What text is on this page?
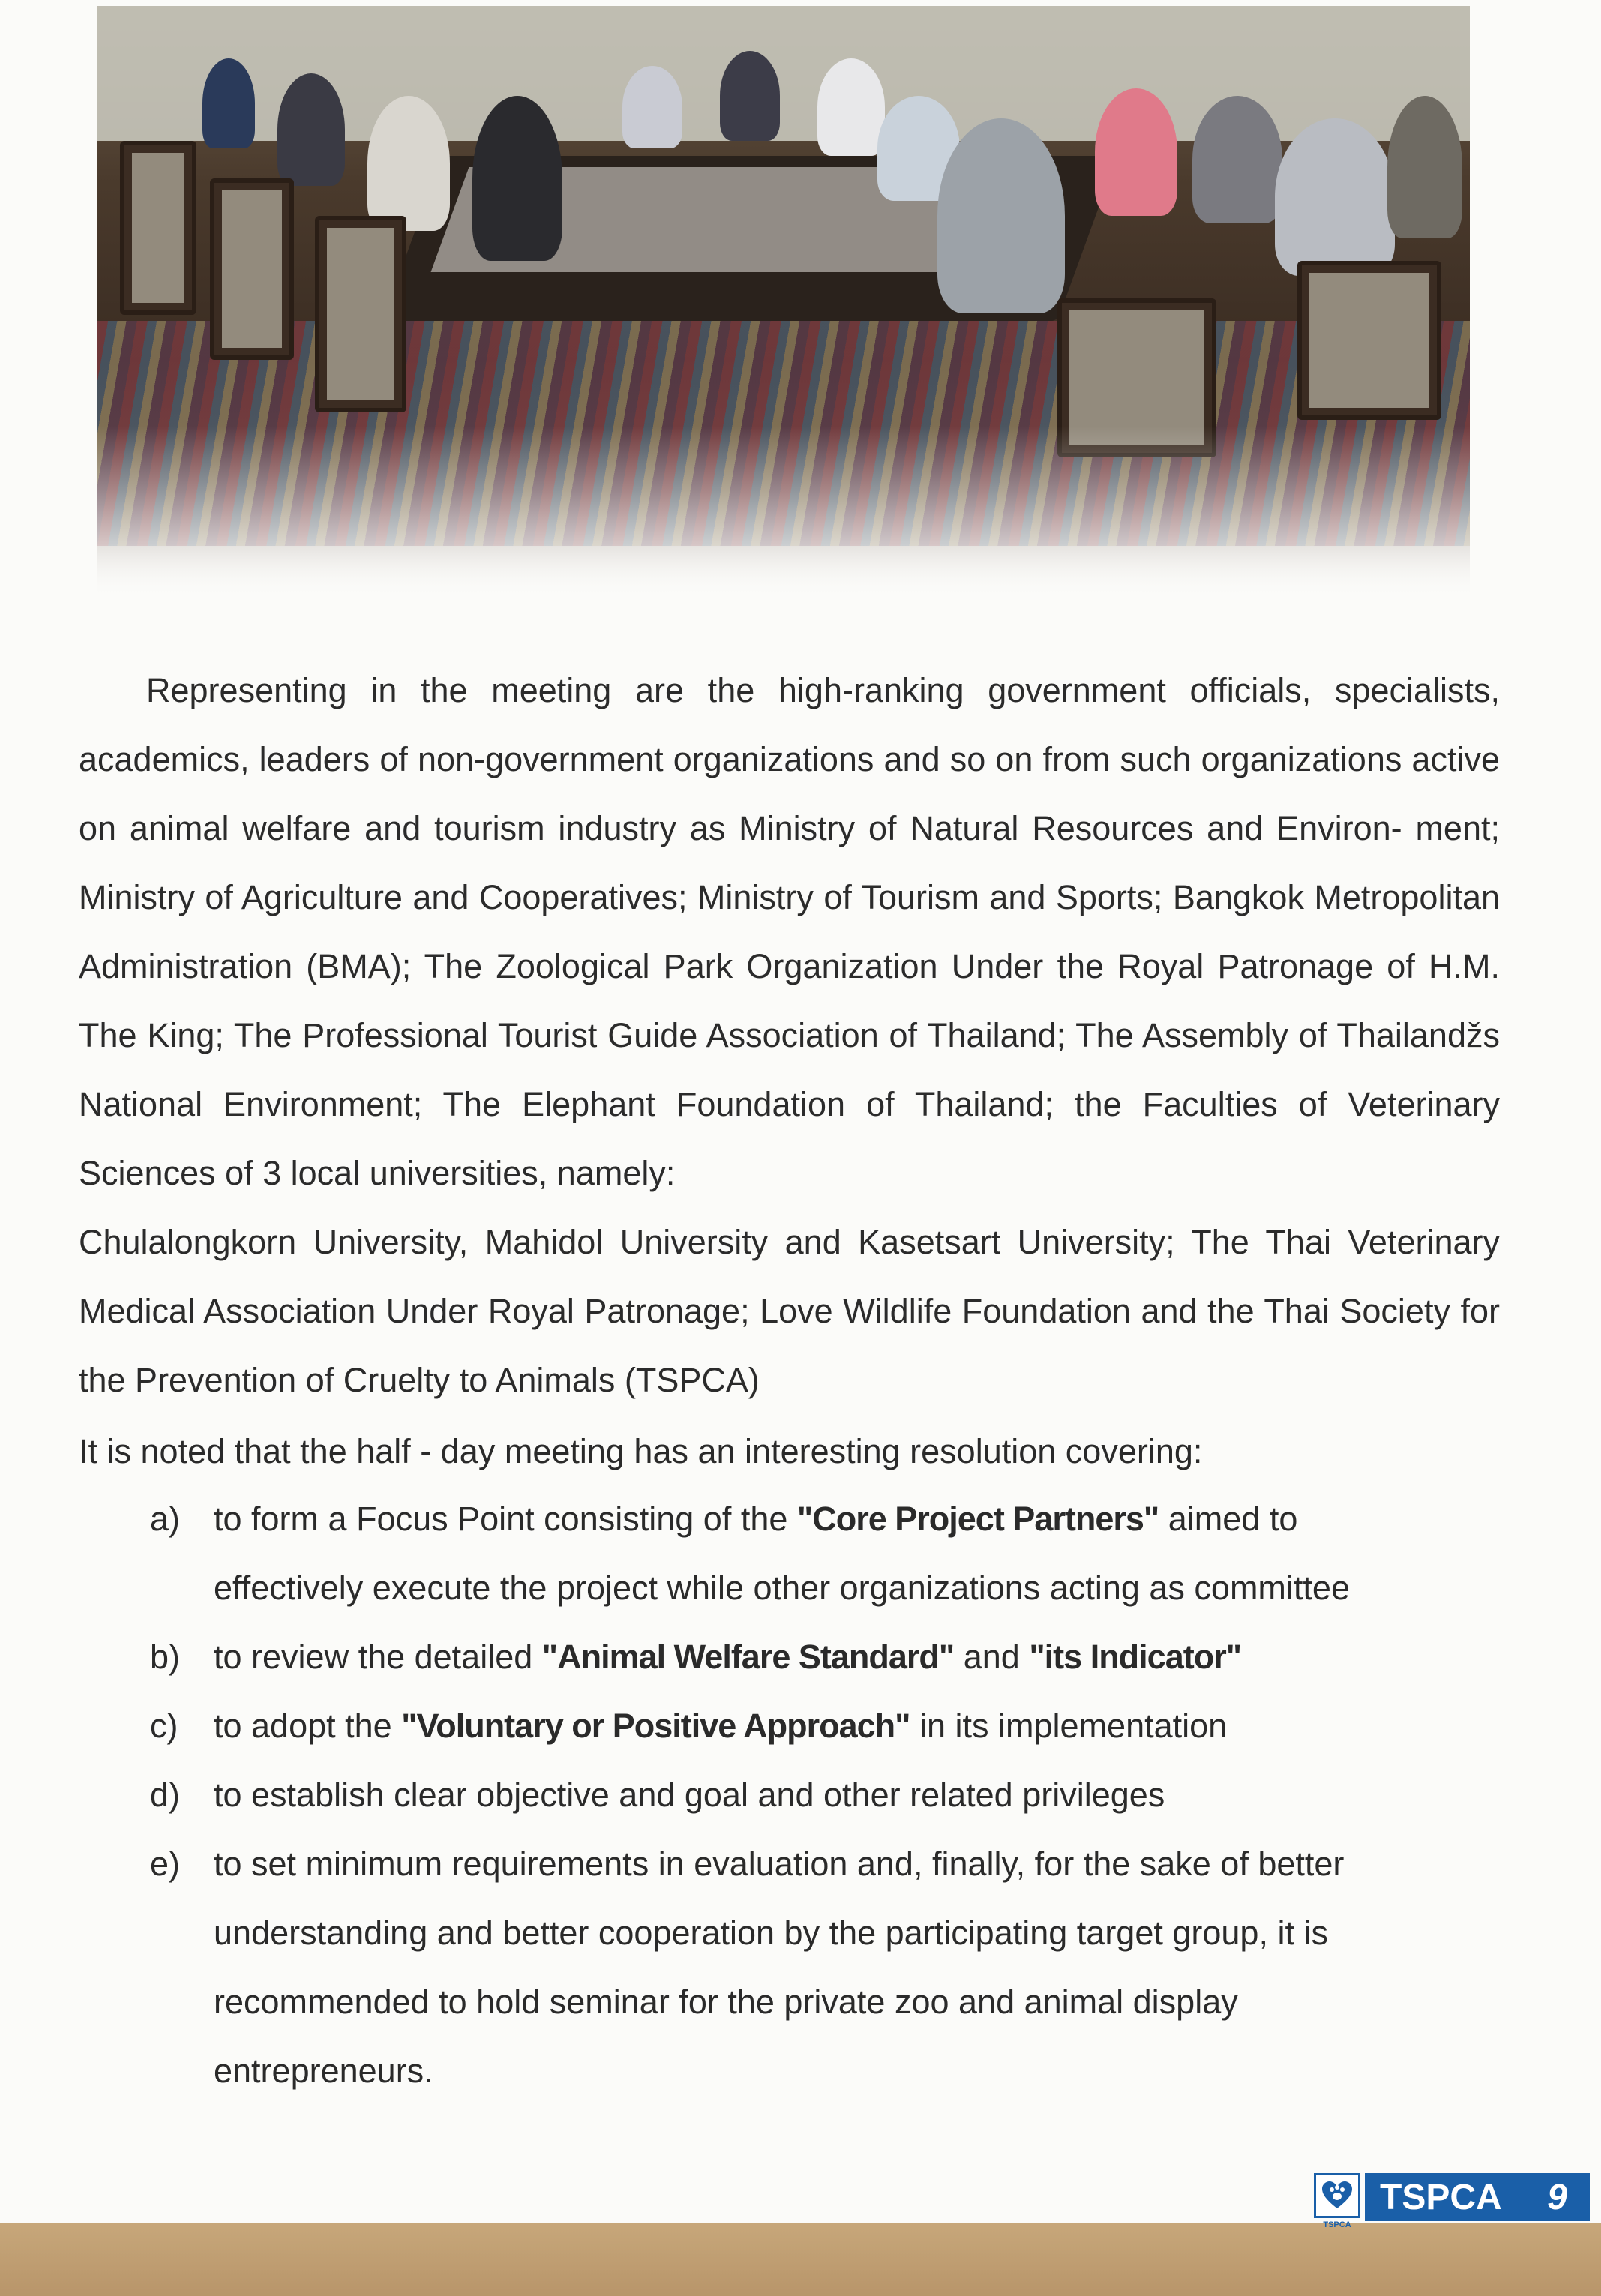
Representing in the meeting are the high-ranking government officials, specialists, academics, leaders of non-government organizations and so on from such organizations active on animal welfare and tourism industry as Ministry of Natural Resources and Environ- ment; Ministry of Agriculture and Cooperatives; Ministry of Tourism and Sports; Bangkok Metropolitan Administration (BMA); The Zoological Park Organization Under the Royal Patronage of H.M. The King; The Professional Tourist Guide Association of Thailand; The Assembly of Thailandžs National Environment; The Elephant Foundation of Thailand; the Faculties of Veterinary Sciences of 3 local universities, namely:
Chulalongkorn University, Mahidol University and Kasetsart University; The Thai Veterinary Medical Association Under Royal Patronage; Love Wildlife Foundation and the Thai Society for the Prevention of Cruelty to Animals (TSPCA)
It is noted that the half - day meeting has an interesting resolution covering:
a) to form a Focus Point consisting of the "Core Project Partners" aimed to effectively execute the project while other organizations acting as committee
b) to review the detailed "Animal Welfare Standard" and "its Indicator"
c)	to adopt the "Voluntary or Positive Approach" in its implementation
d) to establish clear objective and goal and other related privileges
e) to set minimum requirements in evaluation and, finally, for the sake of better understanding and better cooperation by the participating target group, it is recommended to hold seminar for the private zoo and animal display entrepreneurs.
TSPCA
TSPCA 9
